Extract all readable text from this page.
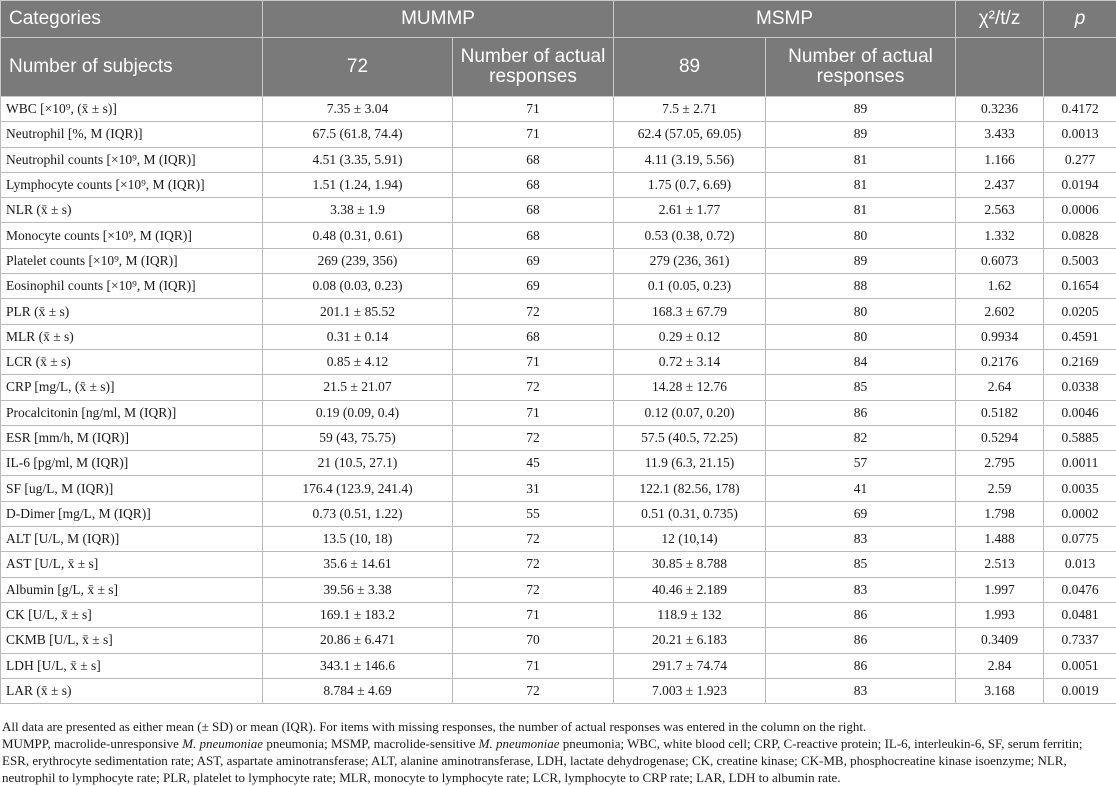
Categories	MUMMP		MSMP		χ²/t/z	p
Number of subjects	72	Number of actual responses	89	Number of actual responses		
WBC [×10⁹, (x̄ ± s)]	7.35 ± 3.04	71	7.5 ± 2.71	89	0.3236	0.4172
Neutrophil [%, M (IQR)]	67.5 (61.8, 74.4)	71	62.4 (57.05, 69.05)	89	3.433	0.0013
Neutrophil counts [×10⁹, M (IQR)]	4.51 (3.35, 5.91)	68	4.11 (3.19, 5.56)	81	1.166	0.277
Lymphocyte counts [×10⁹, M (IQR)]	1.51 (1.24, 1.94)	68	1.75 (0.7, 6.69)	81	2.437	0.0194
NLR (x̄ ± s)	3.38 ± 1.9	68	2.61 ± 1.77	81	2.563	0.0006
Monocyte counts [×10⁹, M (IQR)]	0.48 (0.31, 0.61)	68	0.53 (0.38, 0.72)	80	1.332	0.0828
Platelet counts [×10⁹, M (IQR)]	269 (239, 356)	69	279 (236, 361)	89	0.6073	0.5003
Eosinophil counts [×10⁹, M (IQR)]	0.08 (0.03, 0.23)	69	0.1 (0.05, 0.23)	88	1.62	0.1654
PLR (x̄ ± s)	201.1 ± 85.52	72	168.3 ± 67.79	80	2.602	0.0205
MLR (x̄ ± s)	0.31 ± 0.14	68	0.29 ± 0.12	80	0.9934	0.4591
LCR (x̄ ± s)	0.85 ± 4.12	71	0.72 ± 3.14	84	0.2176	0.2169
CRP [mg/L, (x̄ ± s)]	21.5 ± 21.07	72	14.28 ± 12.76	85	2.64	0.0338
Procalcitonin [ng/ml, M (IQR)]	0.19 (0.09, 0.4)	71	0.12 (0.07, 0.20)	86	0.5182	0.0046
ESR [mm/h, M (IQR)]	59 (43, 75.75)	72	57.5 (40.5, 72.25)	82	0.5294	0.5885
IL-6 [pg/ml, M (IQR)]	21 (10.5, 27.1)	45	11.9 (6.3, 21.15)	57	2.795	0.0011
SF [ug/L, M (IQR)]	176.4 (123.9, 241.4)	31	122.1 (82.56, 178)	41	2.59	0.0035
D-Dimer [mg/L, M (IQR)]	0.73 (0.51, 1.22)	55	0.51 (0.31, 0.735)	69	1.798	0.0002
ALT [U/L, M (IQR)]	13.5 (10, 18)	72	12 (10,14)	83	1.488	0.0775
AST [U/L, x̄ ± s]	35.6 ± 14.61	72	30.85 ± 8.788	85	2.513	0.013
Albumin [g/L, x̄ ± s]	39.56 ± 3.38	72	40.46 ± 2.189	83	1.997	0.0476
CK [U/L, x̄ ± s]	169.1 ± 183.2	71	118.9 ± 132	86	1.993	0.0481
CKMB [U/L, x̄ ± s]	20.86 ± 6.471	70	20.21 ± 6.183	86	0.3409	0.7337
LDH [U/L, x̄ ± s]	343.1 ± 146.6	71	291.7 ± 74.74	86	2.84	0.0051
LAR (x̄ ± s)	8.784 ± 4.69	72	7.003 ± 1.923	83	3.168	0.0019

All data are presented as either mean (± SD) or mean (IQR). For items with missing responses, the number of actual responses was entered in the column on the right.

MUMPP, macrolide-unresponsive M. pneumoniae pneumonia; MSMP, macrolide-sensitive M. pneumoniae pneumonia; WBC, white blood cell; CRP, C-reactive protein; IL-6, interleukin-6, SF, serum ferritin; ESR, erythrocyte sedimentation rate; AST, aspartate aminotransferase; ALT, alanine aminotransferase, LDH, lactate dehydrogenase; CK, creatine kinase; CK-MB, phosphocreatine kinase isoenzyme; NLR, neutrophil to lymphocyte rate; PLR, platelet to lymphocyte rate; MLR, monocyte to lymphocyte rate; LCR, lymphocyte to CRP rate; LAR, LDH to albumin rate.
